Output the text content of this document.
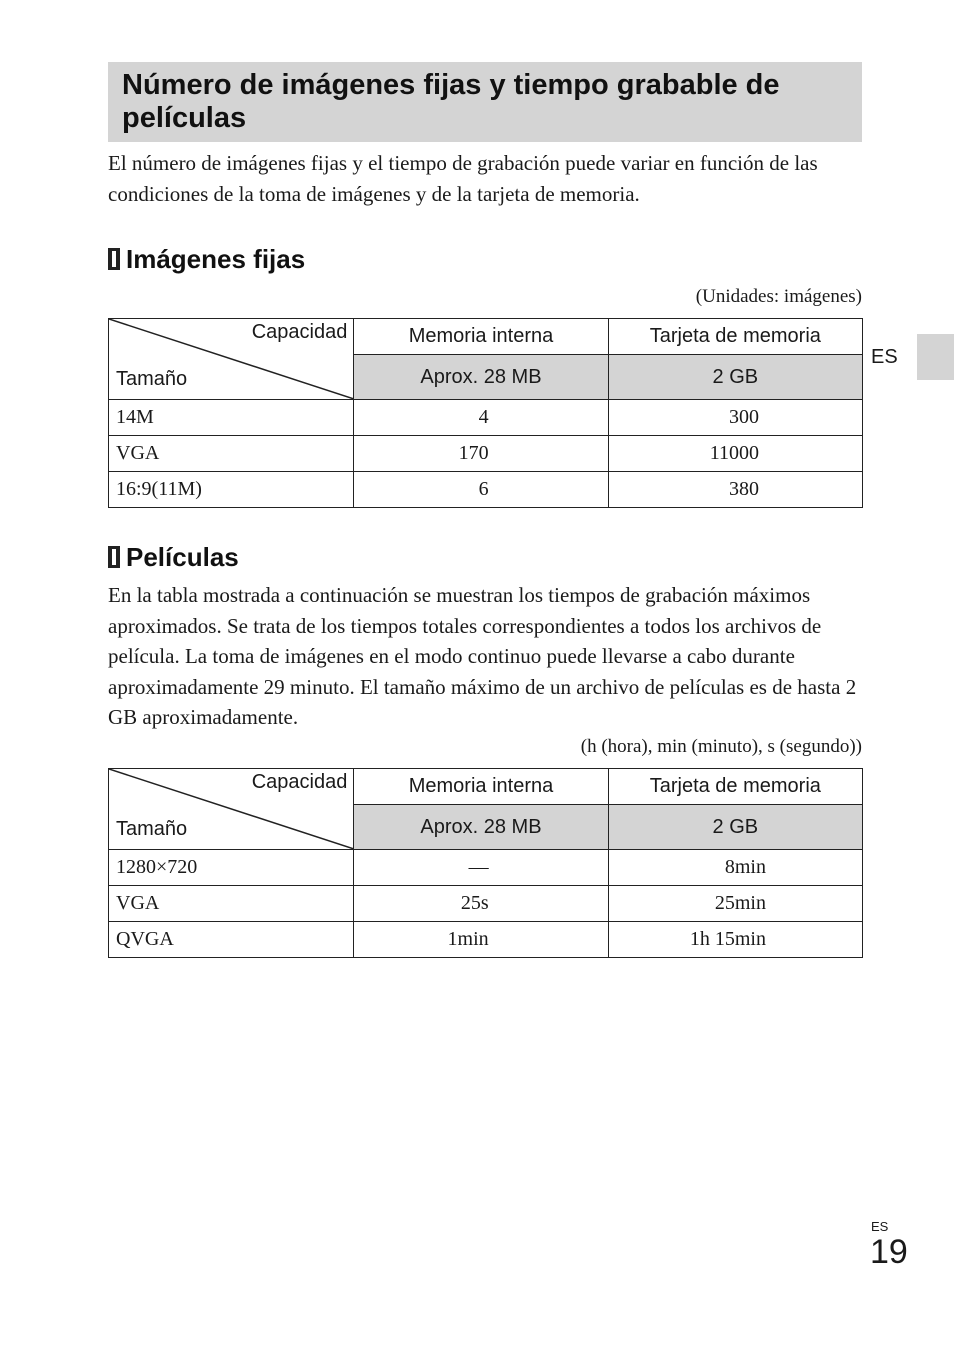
Número de imágenes fijas y tiempo grabable de películas

El número de imágenes fijas y el tiempo de grabación puede variar en función de las condiciones de la toma de imágenes y de la tarjeta de memoria.

Imágenes fijas
(Unidades: imágenes)
Capacidad
Tamaño	Memoria interna	Tarjeta de memoria
	Aprox. 28 MB	2 GB
14M	4	300
VGA	170	11000
16:9(11M)	6	380
Películas

En la tabla mostrada a continuación se muestran los tiempos de grabación máximos aproximados. Se trata de los tiempos totales correspondientes a todos los archivos de película. La toma de imágenes en el modo continuo puede llevarse a cabo durante aproximadamente 29 minuto. El tamaño máximo de un archivo de películas es de hasta 2 GB aproximadamente.

(h (hora), min (minuto), s (segundo))
Capacidad
Tamaño	Memoria interna	Tarjeta de memoria
	Aprox. 28 MB	2 GB
1280×720	—	8min
VGA	25s	25min
QVGA	1min	1h 15min
ES
ES
19
